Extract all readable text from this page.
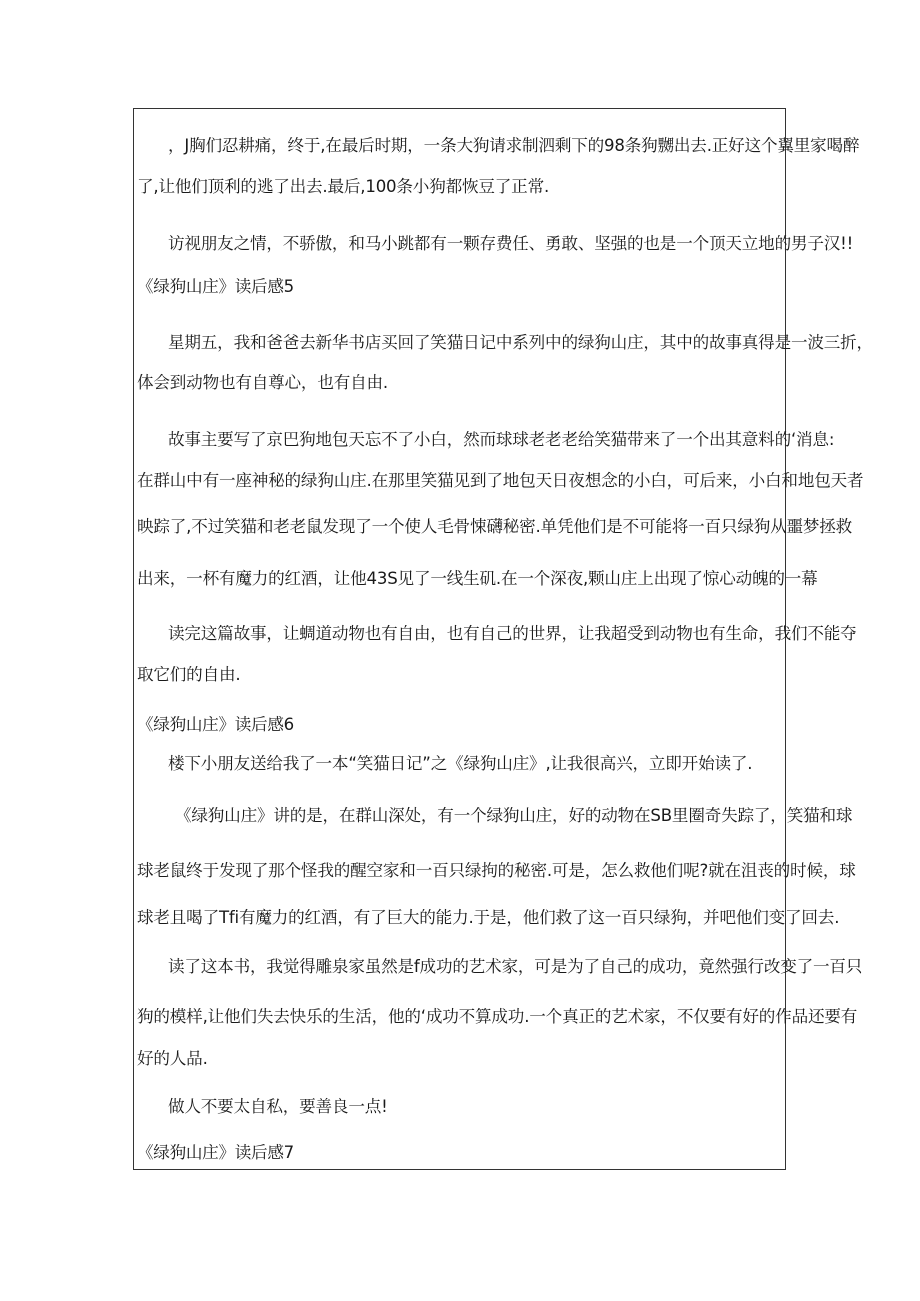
，J胸们忍耕痛，终于,在最后时期，一条大狗请求制泗剩下的98条狗嬲出去.正好这个翼里家喝醉
了,让他们顶利的逃了出去.最后,100条小狗都恢豆了正常.
访视朋友之情，不骄傲，和马小跳都有一颗存费任、勇敢、坚强的也是一个顶天立地的男子汉!!
《绿狗山庄》读后感5
星期五，我和爸爸去新华书店买回了笑猫日记中系列中的绿狗山庄，其中的故事真得是一波三折，
体会到动物也有自尊心，也有自由.
故事主要写了京巴狗地包天忘不了小白，然而球球老老老给笑猫带来了一个出其意料的‘消息:
在群山中有一座神秘的绿狗山庄.在那里笑猫见到了地包天日夜想念的小白，可后来，小白和地包天者
映踪了,不过笑猫和老老鼠发现了一个使人毛骨悚礴秘密.单凭他们是不可能将一百只绿狗从噩梦拯救
出来，一杯有魔力的红酒，让他43S见了一线生矶.在一个深夜,颗山庄上出现了惊心动魄的一幕
读完这篇故事，让蜩道动物也有自由，也有自己的世界，让我超受到动物也有生命，我们不能夺
取它们的自由.
《绿狗山庄》读后感6
楼下小朋友送给我了一本“笑猫日记”之《绿狗山庄》,让我很高兴，立即开始读了.
《绿狗山庄》讲的是，在群山深处，有一个绿狗山庄，好的动物在SB里圈奇失踪了，笑猫和球
球老鼠终于发现了那个怪我的醒空家和一百只绿拘的秘密.可是，怎么救他们呢?就在沮丧的时候，球
球老且喝了Tfi有魔力的红酒，有了巨大的能力.于是，他们救了这一百只绿狗，并吧他们变了回去.
读了这本书，我觉得雕泉家虽然是f成功的艺术家，可是为了自己的成功，竟然强行改变了一百只
狗的模样,让他们失去快乐的生活，他的‘成功不算成功.一个真正的艺术家，不仅要有好的作品还要有
好的人品.
做人不要太自私，要善良一点!
《绿狗山庄》读后感7
